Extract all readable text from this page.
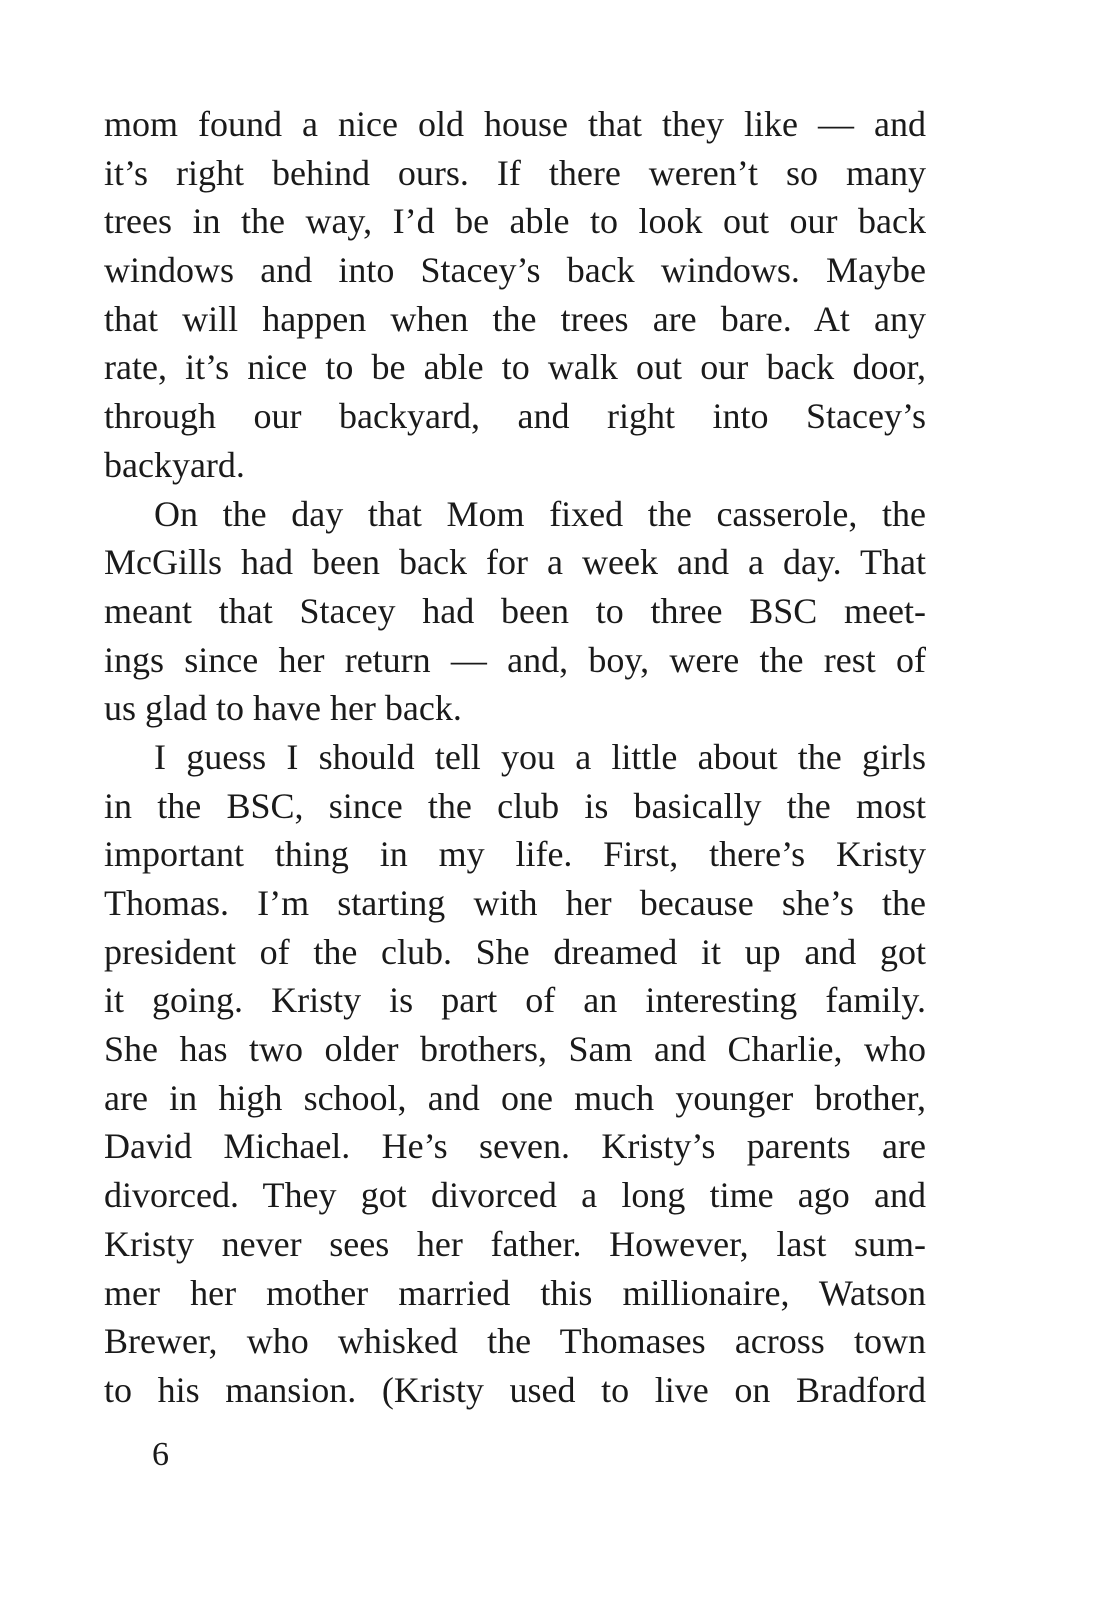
mom found a nice old house that they like — and
it’s right behind ours. If there weren’t so many
trees in the way, I’d be able to look out our back
windows and into Stacey’s back windows. Maybe
that will happen when the trees are bare. At any
rate, it’s nice to be able to walk out our back door,
through our backyard, and right into Stacey’s
backyard.
On the day that Mom fixed the casserole, the
McGills had been back for a week and a day. That
meant that Stacey had been to three BSC meet-
ings since her return — and, boy, were the rest of
us glad to have her back.
I guess I should tell you a little about the girls
in the BSC, since the club is basically the most
important thing in my life. First, there’s Kristy
Thomas. I’m starting with her because she’s the
president of the club. She dreamed it up and got
it going. Kristy is part of an interesting family.
She has two older brothers, Sam and Charlie, who
are in high school, and one much younger brother,
David Michael. He’s seven. Kristy’s parents are
divorced. They got divorced a long time ago and
Kristy never sees her father. However, last sum-
mer her mother married this millionaire, Watson
Brewer, who whisked the Thomases across town
to his mansion. (Kristy used to live on Bradford
6
